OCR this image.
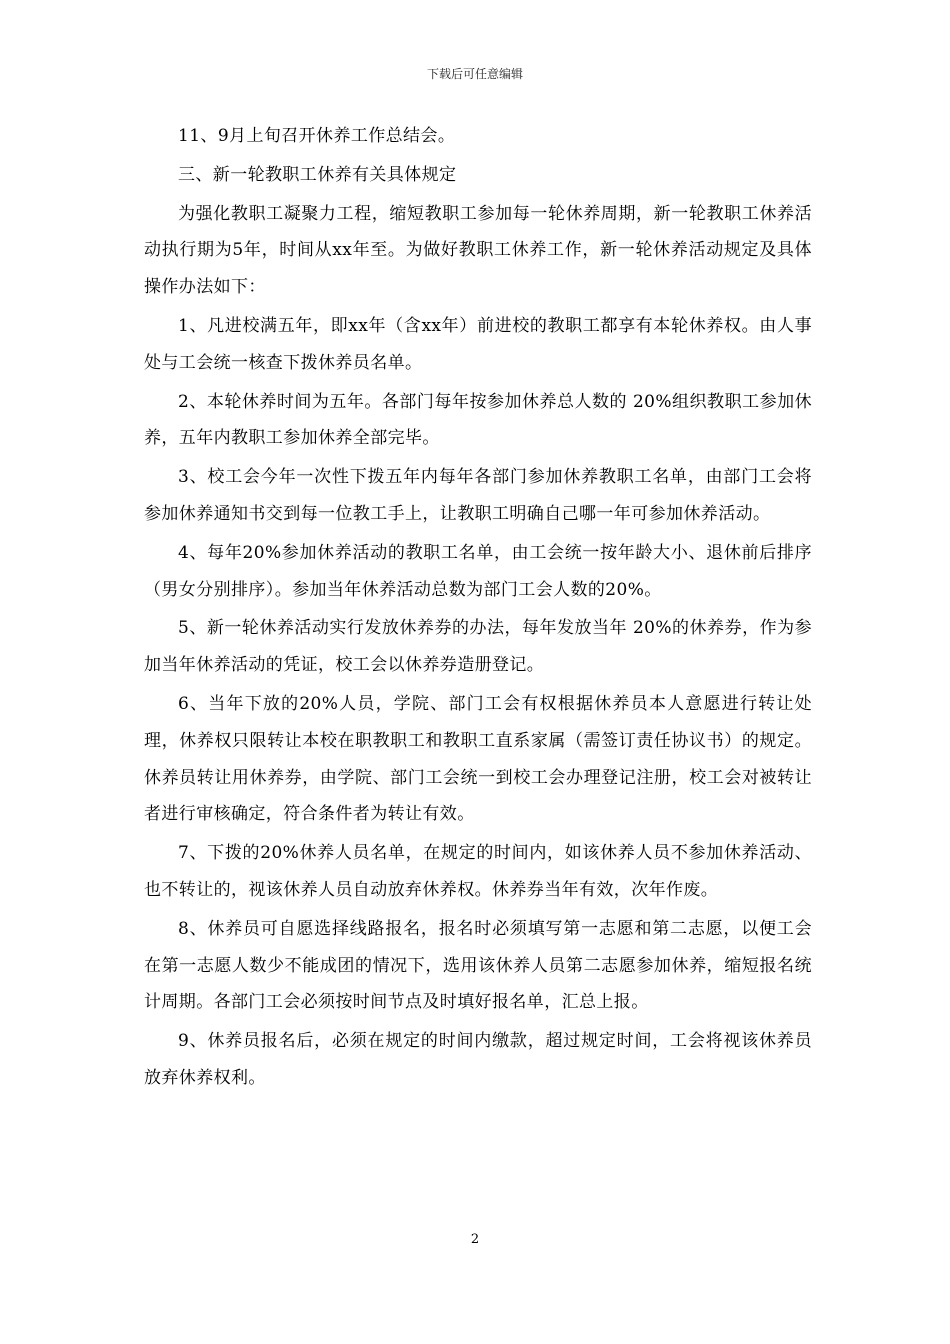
下载后可任意编辑

11、9月上旬召开休养工作总结会。

三、新一轮教职工休养有关具体规定

为强化教职工凝聚力工程，缩短教职工参加每一轮休养周期，新一轮教职工休养活动执行期为5年，时间从xx年至。为做好教职工休养工作，新一轮休养活动规定及具体操作办法如下：

1、凡进校满五年，即xx年（含xx年）前进校的教职工都享有本轮休养权。由人事处与工会统一核查下拨休养员名单。

2、本轮休养时间为五年。各部门每年按参加休养总人数的 20%组织教职工参加休养，五年内教职工参加休养全部完毕。

3、校工会今年一次性下拨五年内每年各部门参加休养教职工名单，由部门工会将参加休养通知书交到每一位教工手上，让教职工明确自己哪一年可参加休养活动。

4、每年20%参加休养活动的教职工名单，由工会统一按年龄大小、退休前后排序（男女分别排序）。参加当年休养活动总数为部门工会人数的20%。

5、新一轮休养活动实行发放休养券的办法，每年发放当年 20%的休养券，作为参加当年休养活动的凭证，校工会以休养券造册登记。

6、当年下放的20%人员，学院、部门工会有权根据休养员本人意愿进行转让处理，休养权只限转让本校在职教职工和教职工直系家属（需签订责任协议书）的规定。休养员转让用休养券，由学院、部门工会统一到校工会办理登记注册，校工会对被转让者进行审核确定，符合条件者为转让有效。

7、下拨的20%休养人员名单，在规定的时间内，如该休养人员不参加休养活动、也不转让的，视该休养人员自动放弃休养权。休养券当年有效，次年作废。

8、休养员可自愿选择线路报名，报名时必须填写第一志愿和第二志愿，以便工会在第一志愿人数少不能成团的情况下，选用该休养人员第二志愿参加休养，缩短报名统计周期。各部门工会必须按时间节点及时填好报名单，汇总上报。

9、休养员报名后，必须在规定的时间内缴款，超过规定时间，工会将视该休养员放弃休养权利。

2
